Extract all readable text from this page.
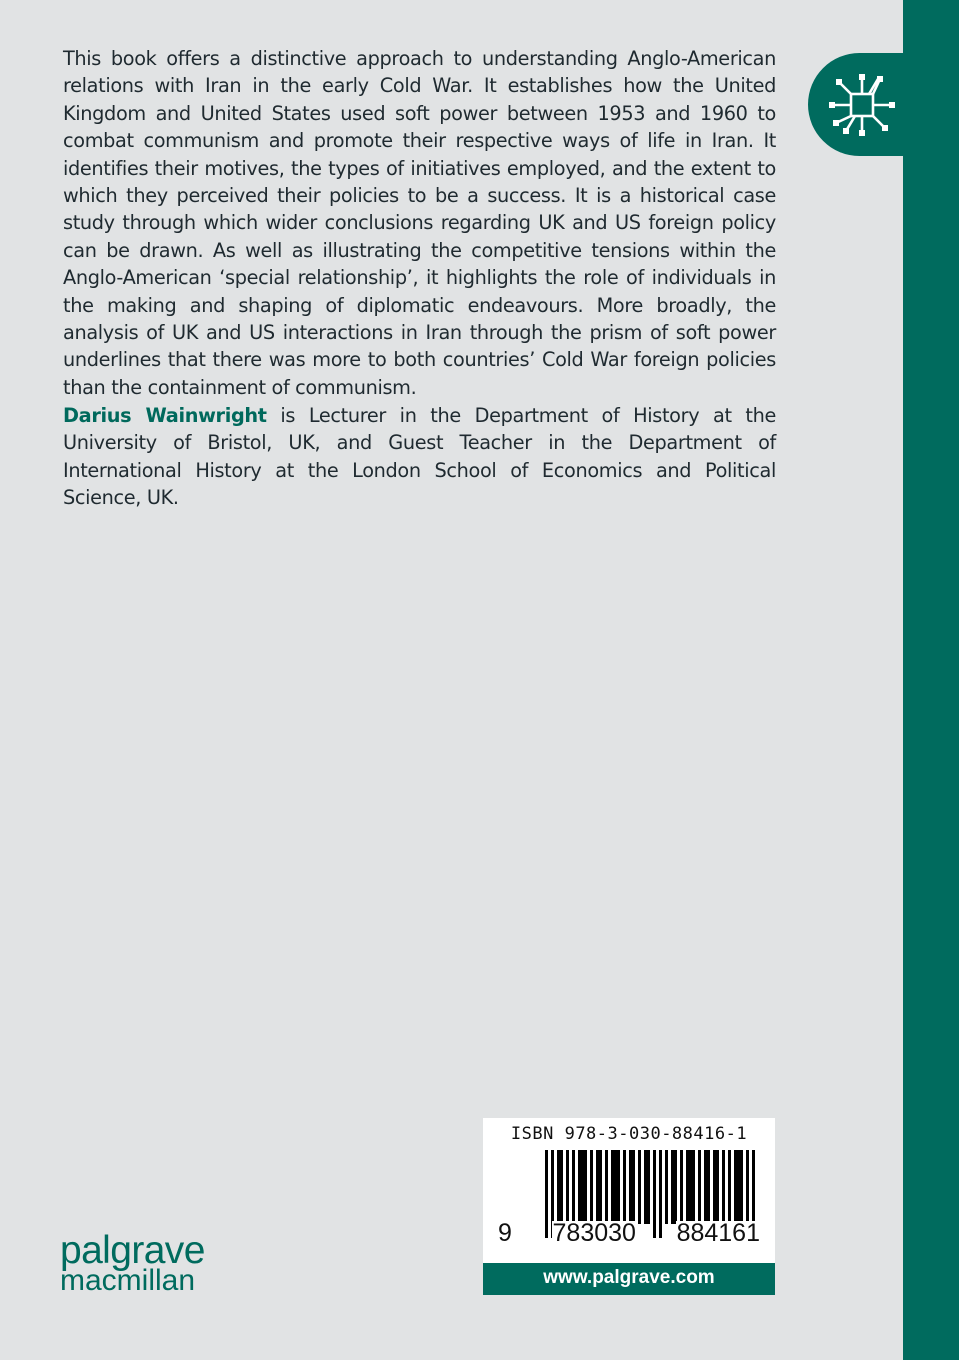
This book offers a distinctive approach to understanding Anglo-American relations with Iran in the early Cold War. It establishes how the United Kingdom and United States used soft power between 1953 and 1960 to combat communism and promote their respective ways of life in Iran. It identifies their motives, the types of initiatives employed, and the extent to which they perceived their policies to be a success. It is a historical case study through which wider conclusions regarding UK and US foreign policy can be drawn. As well as illustrating the competitive tensions within the Anglo-American ‘special relationship’, it highlights the role of individuals in the making and shaping of diplomatic endeavours. More broadly, the analysis of UK and US interactions in Iran through the prism of soft power underlines that there was more to both countries’ Cold War foreign policies than the containment of communism.

Darius Wainwright is Lecturer in the Department of History at the University of Bristol, UK, and Guest Teacher in the Department of International History at the London School of Economics and Political Science, UK.

ISBN 978-3-030-88416-1
9 783030 884161
www.palgrave.com
palgrave
macmillan
